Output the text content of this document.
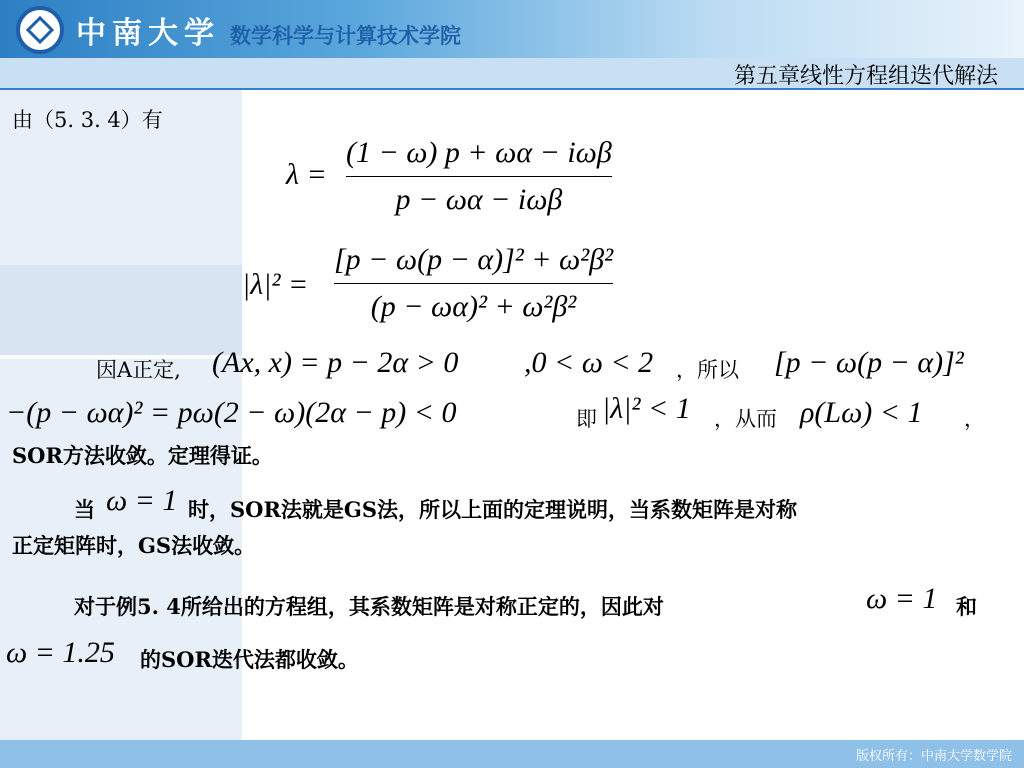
中南大学 数学科学与计算技术学院
第五章线性方程组迭代解法
由（5. 3. 4）有
λ =
(1 − ω) p + ωα − iωβ
p − ωα − iωβ
$|\lambda|^2 = \frac{\text{[p − ω(p − α)]² + ω²β²}}{\text{(p − ωα)² + ω²β²}}$
因A正定, (Ax, x) = p − 2α > 0 ,0 < ω < 2 ，所以 [p − ω(p − α)]²
−(p − ωα)² = pω(2 − ω)(2α − p) < 0	即 |λ|² < 1 ，从而 ρ(Lω) < 1 ，
SOR方法收敛。定理得证。
当 ω = 1 时，SOR法就是GS法，所以上面的定理说明，当系数矩阵是对称
正定矩阵时，GS法收敛。
对于例5. 4所给出的方程组，其系数矩阵是对称正定的，因此对	ω = 1 和
ω = 1.25 的SOR迭代法都收敛。
版权所有：中南大学数学院
